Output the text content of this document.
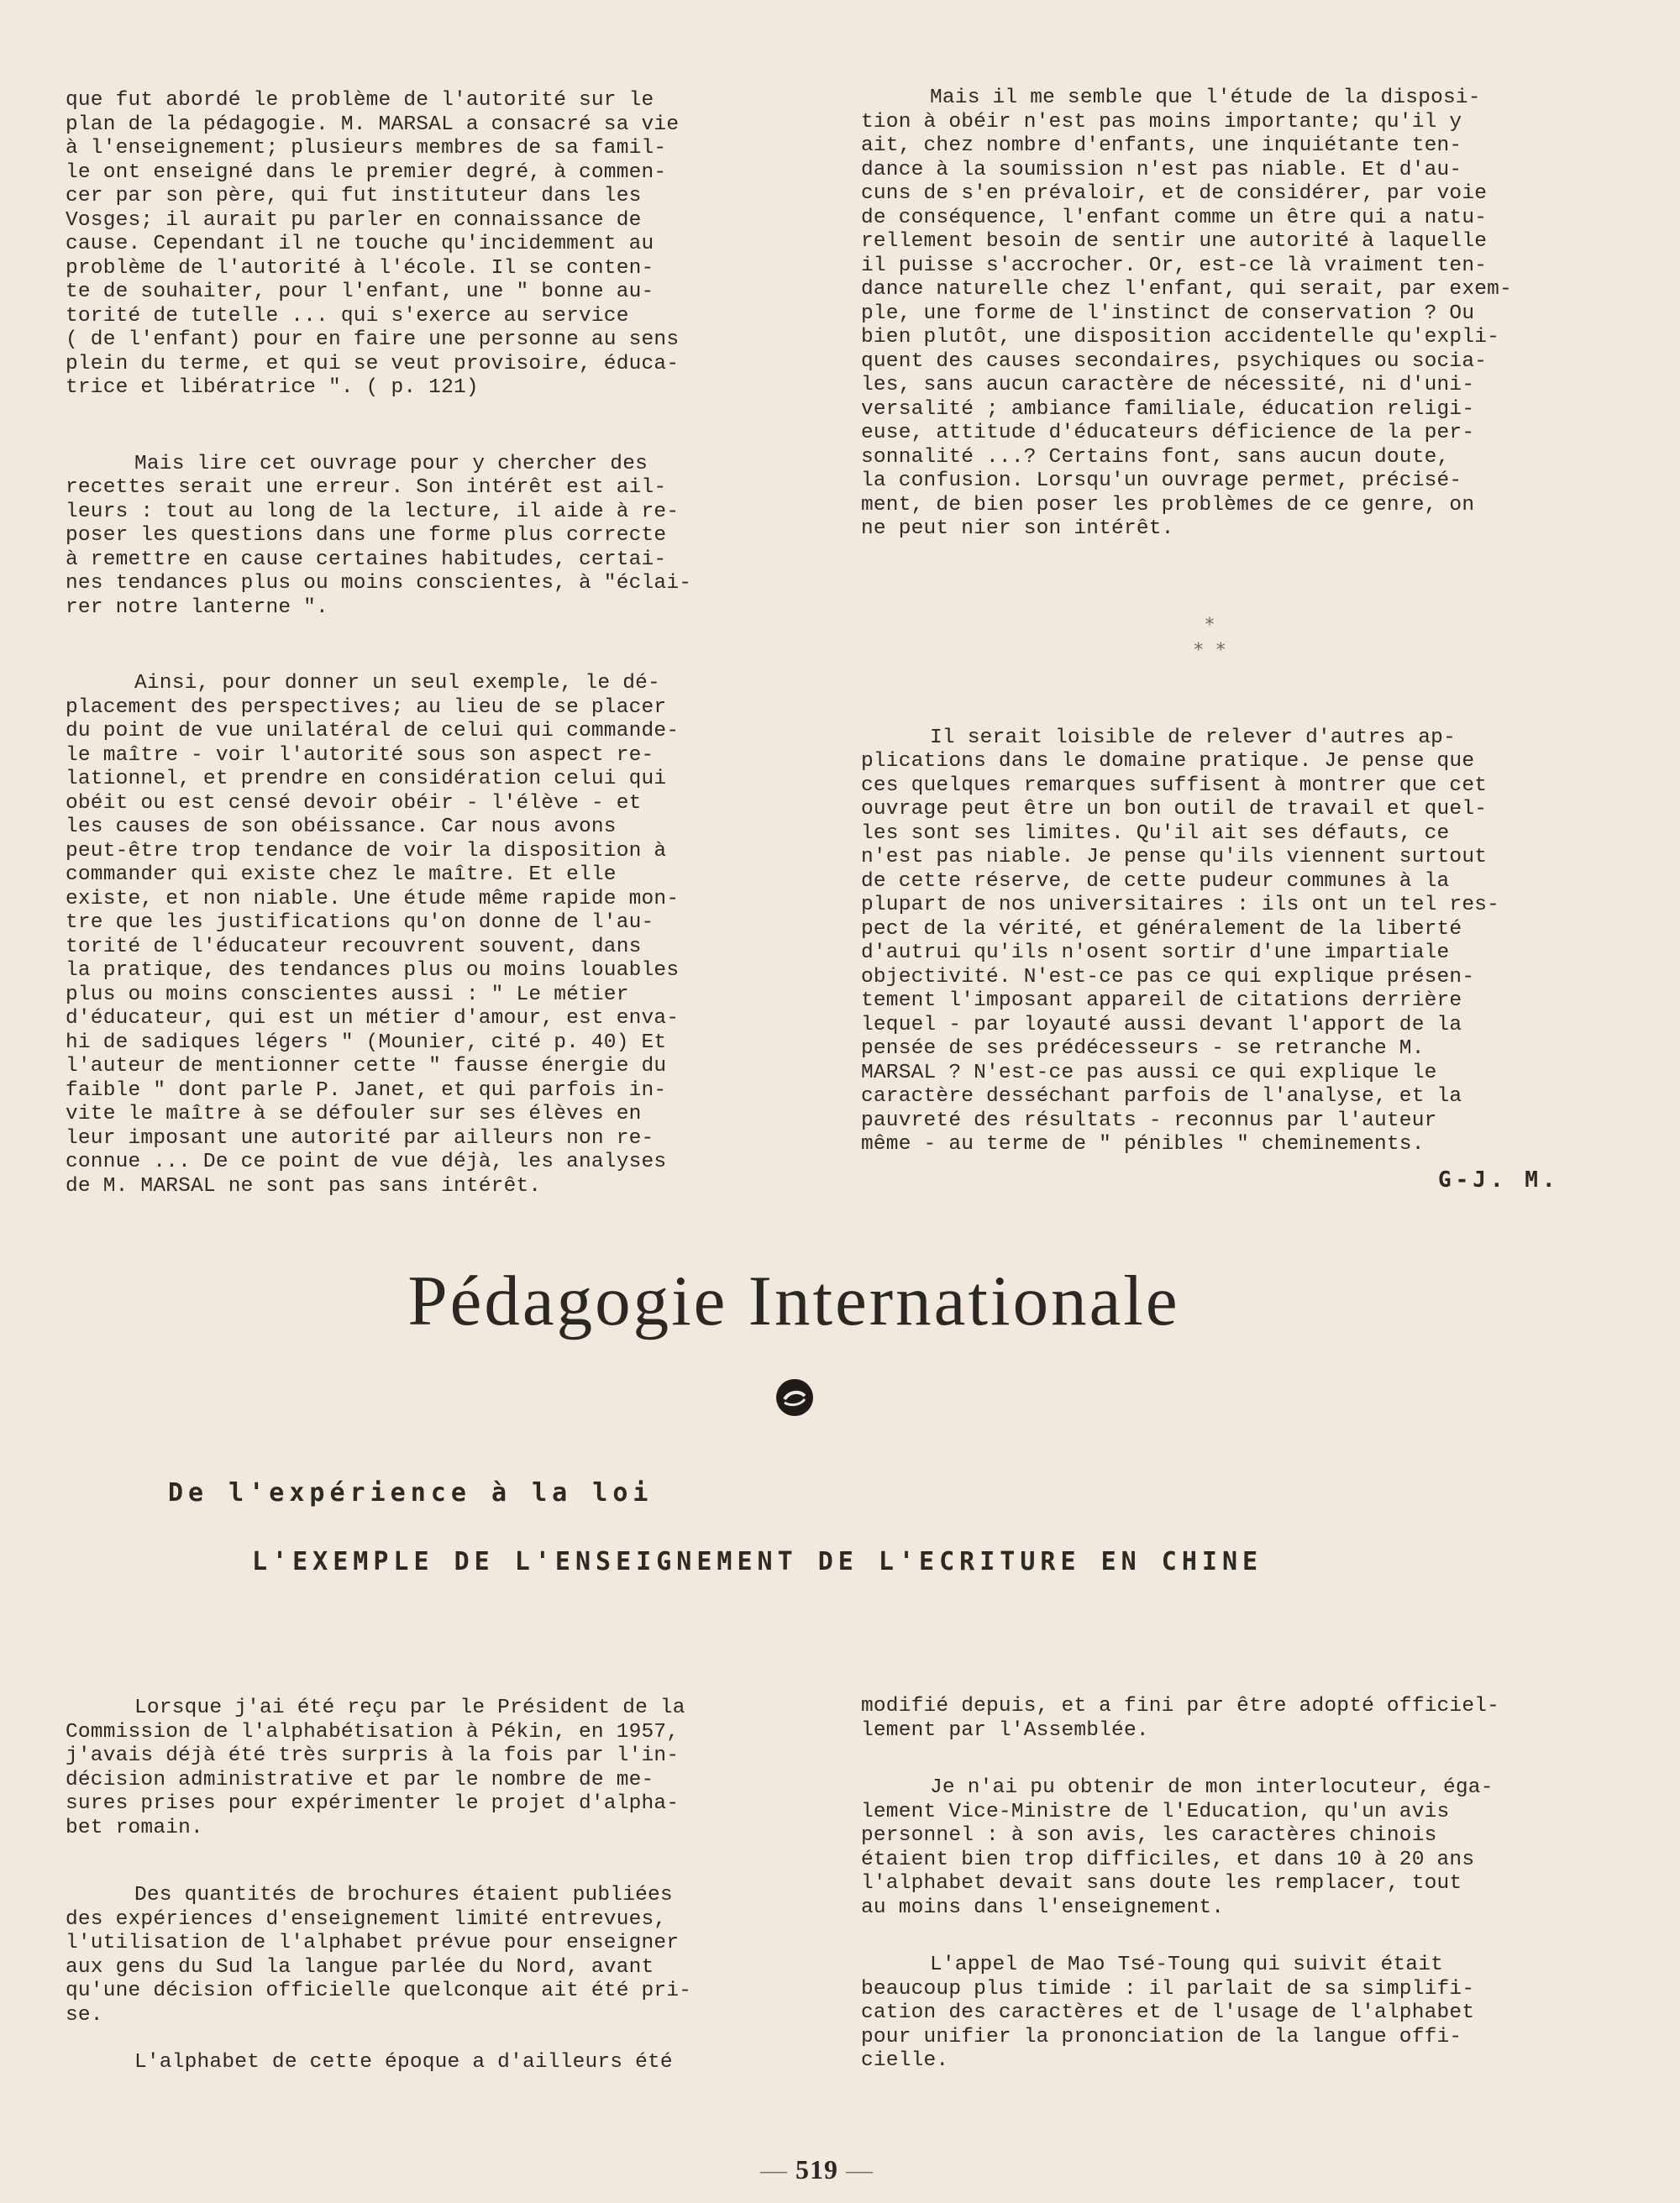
que fut abordé le problème de l'autorité sur le
plan de la pédagogie. M. MARSAL a consacré sa vie
à l'enseignement; plusieurs membres de sa famil-
le ont enseigné dans le premier degré, à commen-
cer par son père, qui fut instituteur dans les
Vosges; il aurait pu parler en connaissance de
cause. Cependant il ne touche qu'incidemment au
problème de l'autorité à l'école. Il se conten-
te de souhaiter, pour l'enfant, une " bonne au-
torité de tutelle ... qui s'exerce au service
( de l'enfant) pour en faire une personne au sens
plein du terme, et qui se veut provisoire, éduca-
trice et libératrice ". ( p. 121)

Mais lire cet ouvrage pour y chercher des
recettes serait une erreur. Son intérêt est ail-
leurs : tout au long de la lecture, il aide à re-
poser les questions dans une forme plus correcte
à remettre en cause certaines habitudes, certai-
nes tendances plus ou moins conscientes, à "éclai-
rer notre lanterne ".

Ainsi, pour donner un seul exemple, le dé-
placement des perspectives; au lieu de se placer
du point de vue unilatéral de celui qui commande-
le maître - voir l'autorité sous son aspect re-
lationnel, et prendre en considération celui qui
obéit ou est censé devoir obéir - l'élève - et
les causes de son obéissance. Car nous avons
peut-être trop tendance de voir la disposition à
commander qui existe chez le maître. Et elle
existe, et non niable. Une étude même rapide mon-
tre que les justifications qu'on donne de l'au-
torité de l'éducateur recouvrent souvent, dans
la pratique, des tendances plus ou moins louables
plus ou moins conscientes aussi : " Le métier
d'éducateur, qui est un métier d'amour, est enva-
hi de sadiques légers " (Mounier, cité p. 40) Et
l'auteur de mentionner cette " fausse énergie du
faible " dont parle P. Janet, et qui parfois in-
vite le maître à se défouler sur ses élèves en
leur imposant une autorité par ailleurs non re-
connue ... De ce point de vue déjà, les analyses
de M. MARSAL ne sont pas sans intérêt.

Mais il me semble que l'étude de la disposi-
tion à obéir n'est pas moins importante; qu'il y
ait, chez nombre d'enfants, une inquiétante ten-
dance à la soumission n'est pas niable. Et d'au-
cuns de s'en prévaloir, et de considérer, par voie
de conséquence, l'enfant comme un être qui a natu-
rellement besoin de sentir une autorité à laquelle
il puisse s'accrocher. Or, est-ce là vraiment ten-
dance naturelle chez l'enfant, qui serait, par exem-
ple, une forme de l'instinct de conservation ? Ou
bien plutôt, une disposition accidentelle qu'expli-
quent des causes secondaires, psychiques ou socia-
les, sans aucun caractère de nécessité, ni d'uni-
versalité ; ambiance familiale, éducation religi-
euse, attitude d'éducateurs déficience de la per-
sonnalité ...? Certains font, sans aucun doute,
la confusion. Lorsqu'un ouvrage permet, précisé-
ment, de bien poser les problèmes de ce genre, on
ne peut nier son intérêt.

Il serait loisible de relever d'autres ap-
plications dans le domaine pratique. Je pense que
ces quelques remarques suffisent à montrer que cet
ouvrage peut être un bon outil de travail et quel-
les sont ses limites. Qu'il ait ses défauts, ce
n'est pas niable. Je pense qu'ils viennent surtout
de cette réserve, de cette pudeur communes à la
plupart de nos universitaires : ils ont un tel res-
pect de la vérité, et généralement de la liberté
d'autrui qu'ils n'osent sortir d'une impartiale
objectivité. N'est-ce pas ce qui explique présen-
tement l'imposant appareil de citations derrière
lequel - par loyauté aussi devant l'apport de la
pensée de ses prédécesseurs - se retranche M.
MARSAL ? N'est-ce pas aussi ce qui explique le
caractère desséchant parfois de l'analyse, et la
pauvreté des résultats - reconnus par l'auteur
même - au terme de " pénibles " cheminements.

*
* *
G-J. M.
Pédagogie Internationale
De l'expérience à la loi
L'EXEMPLE DE L'ENSEIGNEMENT DE L'ECRITURE EN CHINE

Lorsque j'ai été reçu par le Président de la
Commission de l'alphabétisation à Pékin, en 1957,
j'avais déjà été très surpris à la fois par l'in-
décision administrative et par le nombre de me-
sures prises pour expérimenter le projet d'alpha-
bet romain.

Des quantités de brochures étaient publiées
des expériences d'enseignement limité entrevues,
l'utilisation de l'alphabet prévue pour enseigner
aux gens du Sud la langue parlée du Nord, avant
qu'une décision officielle quelconque ait été pri-
se.

L'alphabet de cette époque a d'ailleurs été

modifié depuis, et a fini par être adopté officiel-
lement par l'Assemblée.

Je n'ai pu obtenir de mon interlocuteur, éga-
lement Vice-Ministre de l'Education, qu'un avis
personnel : à son avis, les caractères chinois
étaient bien trop difficiles, et dans 10 à 20 ans
l'alphabet devait sans doute les remplacer, tout
au moins dans l'enseignement.

L'appel de Mao Tsé-Toung qui suivit était
beaucoup plus timide : il parlait de sa simplifi-
cation des caractères et de l'usage de l'alphabet
pour unifier la prononciation de la langue offi-
cielle.

— 519 —
